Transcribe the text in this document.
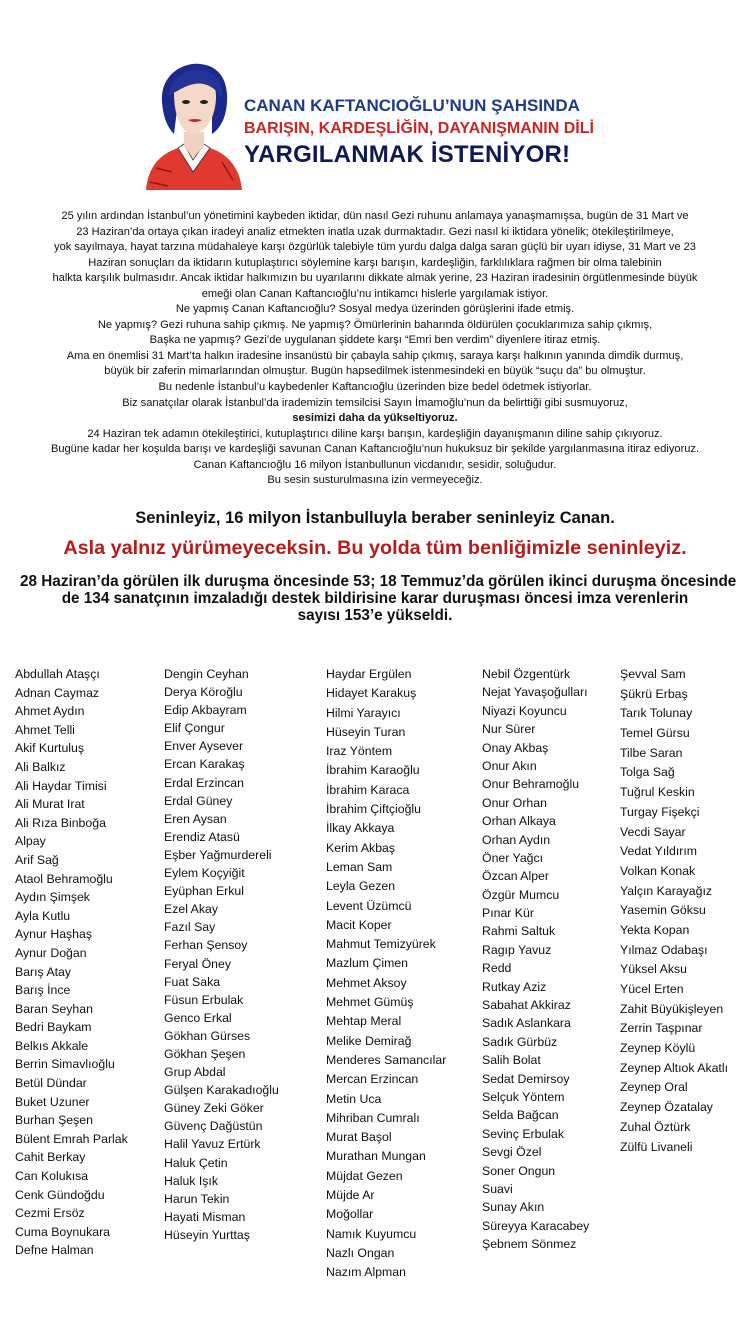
CANAN KAFTANCIOĞLU’NUN ŞAHSINDA
BARIŞIN, KARDEŞLİĞİN, DAYANIŞMANIN DİLİ
YARGILANMAK İSTENİYOR!
25 yılın ardından İstanbul’un yönetimini kaybeden iktidar, dün nasıl Gezi ruhunu anlamaya yanaşmamışsa, bugün de 31 Mart ve
23 Haziran’da ortaya çıkan iradeyi analiz etmekten inatla uzak durmaktadır. Gezi nasıl ki iktidara yönelik; ötekileştirilmeye,
yok sayılmaya, hayat tarzına müdahaleye karşı özgürlük talebiyle tüm yurdu dalga dalga saran güçlü bir uyarı idiyse, 31 Mart ve 23
Haziran sonuçları da iktidarın kutuplaştırıcı söylemine karşı barışın, kardeşliğin, farklılıklara rağmen bir olma talebinin
halkta karşılık bulmasıdır. Ancak iktidar halkımızın bu uyarılarını dikkate almak yerine, 23 Haziran iradesinin örgütlenmesinde büyük
emeği olan Canan Kaftancıoğlu’nu intikamcı hislerle yargılamak istiyor.
Ne yapmış Canan Kaftancıoğlu? Sosyal medya üzerinden görüşlerini ifade etmiş.
Ne yapmış? Gezi ruhuna sahip çıkmış. Ne yapmış? Ömürlerinin baharında öldürülen çocuklarımıza sahip çıkmış,
Başka ne yapmış? Gezi’de uygulanan şiddete karşı “Emri ben verdim” diyenlere itiraz etmiş.
Ama en önemlisi 31 Mart’ta halkın iradesine insanüstü bir çabayla sahip çıkmış, saraya karşı halkının yanında dimdik durmuş,
büyük bir zaferin mimarlarından olmuştur. Bugün hapsedilmek istenmesindeki en büyük “suçu da” bu olmuştur.
Bu nedenle İstanbul’u kaybedenler Kaftancıoğlu üzerinden bize bedel ödetmek istiyorlar.
Biz sanatçılar olarak İstanbul’da irademizin temsilcisi Sayın İmamoğlu’nun da belirttiği gibi susmuyoruz,
sesimizi daha da yükseltiyoruz.
24 Haziran tek adamın ötekileştirici, kutuplaştırıcı diline karşı barışın, kardeşliğin dayanışmanın diline sahip çıkıyoruz.
Bugüne kadar her koşulda barışı ve kardeşliği savunan Canan Kaftancıoğlu’nun hukuksuz bir şekilde yargılanmasına itiraz ediyoruz.
Canan Kaftancıoğlu 16 milyon İstanbullunun vicdanıdır, sesidir, soluğudur.
Bu sesin susturulmasına izin vermeyeceğiz.
Seninleyiz, 16 milyon İstanbulluyla beraber seninleyiz Canan.
Asla yalnız yürümeyeceksin. Bu yolda tüm benliğimizle seninleyiz.
28 Haziran’da görülen ilk duruşma öncesinde 53; 18 Temmuz’da görülen ikinci duruşma öncesinde
de 134 sanatçının imzaladığı destek bildirisine karar duruşması öncesi imza verenlerin
sayısı 153’e yükseldi.
Abdullah Ataşçı
Adnan Caymaz
Ahmet Aydın
Ahmet Telli
Akif Kurtuluş
Ali Balkız
Ali Haydar Timisi
Ali Murat Irat
Ali Rıza Binboğa
Alpay
Arif Sağ
Ataol Behramoğlu
Aydın Şimşek
Ayla Kutlu
Aynur Haşhaş
Aynur Doğan
Barış Atay
Barış İnce
Baran Seyhan
Bedri Baykam
Belkıs Akkale
Berrin Simavlıoğlu
Betül Dündar
Buket Uzuner
Burhan Şeşen
Bülent Emrah Parlak
Cahit Berkay
Can Kolukısa
Cenk Gündoğdu
Cezmi Ersöz
Cuma Boynukara
Defne Halman
Dengin Ceyhan
Derya Köroğlu
Edip Akbayram
Elif Çongur
Enver Aysever
Ercan Karakaş
Erdal Erzincan
Erdal Güney
Eren Aysan
Erendiz Atasü
Eşber Yağmurdereli
Eylem Koçyiğit
Eyüphan Erkul
Ezel Akay
Fazıl Say
Ferhan Şensoy
Feryal Öney
Fuat Saka
Füsun Erbulak
Genco Erkal
Gökhan Gürses
Gökhan Şeşen
Grup Abdal
Gülşen Karakadıoğlu
Güney Zeki Göker
Güvenç Dağüstün
Halil Yavuz Ertürk
Haluk Çetin
Haluk Işık
Harun Tekin
Hayati Misman
Hüseyin Yurttaş
Haydar Ergülen
Hidayet Karakuş
Hilmi Yarayıcı
Hüseyin Turan
Iraz Yöntem
İbrahim Karaoğlu
İbrahim Karaca
İbrahim Çiftçioğlu
İlkay Akkaya
Kerim Akbaş
Leman Sam
Leyla Gezen
Levent Üzümcü
Macit Koper
Mahmut Temizyürek
Mazlum Çimen
Mehmet Aksoy
Mehmet Gümüş
Mehtap Meral
Melike Demirağ
Menderes Samancılar
Mercan Erzincan
Metin Uca
Mihriban Cumralı
Murat Başol
Murathan Mungan
Müjdat Gezen
Müjde Ar
Moğollar
Namık Kuyumcu
Nazlı Ongan
Nazım Alpman
Nebil Özgentürk
Nejat Yavaşoğulları
Niyazi Koyuncu
Nur Sürer
Onay Akbaş
Onur Akın
Onur Behramoğlu
Onur Orhan
Orhan Alkaya
Orhan Aydın
Öner Yağcı
Özcan Alper
Özgür Mumcu
Pınar Kür
Rahmi Saltuk
Ragıp Yavuz
Redd
Rutkay Aziz
Sabahat Akkiraz
Sadık Aslankara
Sadık Gürbüz
Salih Bolat
Sedat Demirsoy
Selçuk Yöntem
Selda Bağcan
Sevinç Erbulak
Sevgi Özel
Soner Ongun
Suavi
Sunay Akın
Süreyya Karacabey
Şebnem Sönmez
Şevval Sam
Şükrü Erbaş
Tarık Tolunay
Temel Gürsu
Tilbe Saran
Tolga Sağ
Tuğrul Keskin
Turgay Fişekçi
Vecdi Sayar
Vedat Yıldırım
Volkan Konak
Yalçın Karayağız
Yasemin Göksu
Yekta Kopan
Yılmaz Odabaşı
Yüksel Aksu
Yücel Erten
Zahit Büyükişleyen
Zerrin Taşpınar
Zeynep Köylü
Zeynep Altıok Akatlı
Zeynep Oral
Zeynep Özatalay
Zuhal Öztürk
Zülfü Livaneli
